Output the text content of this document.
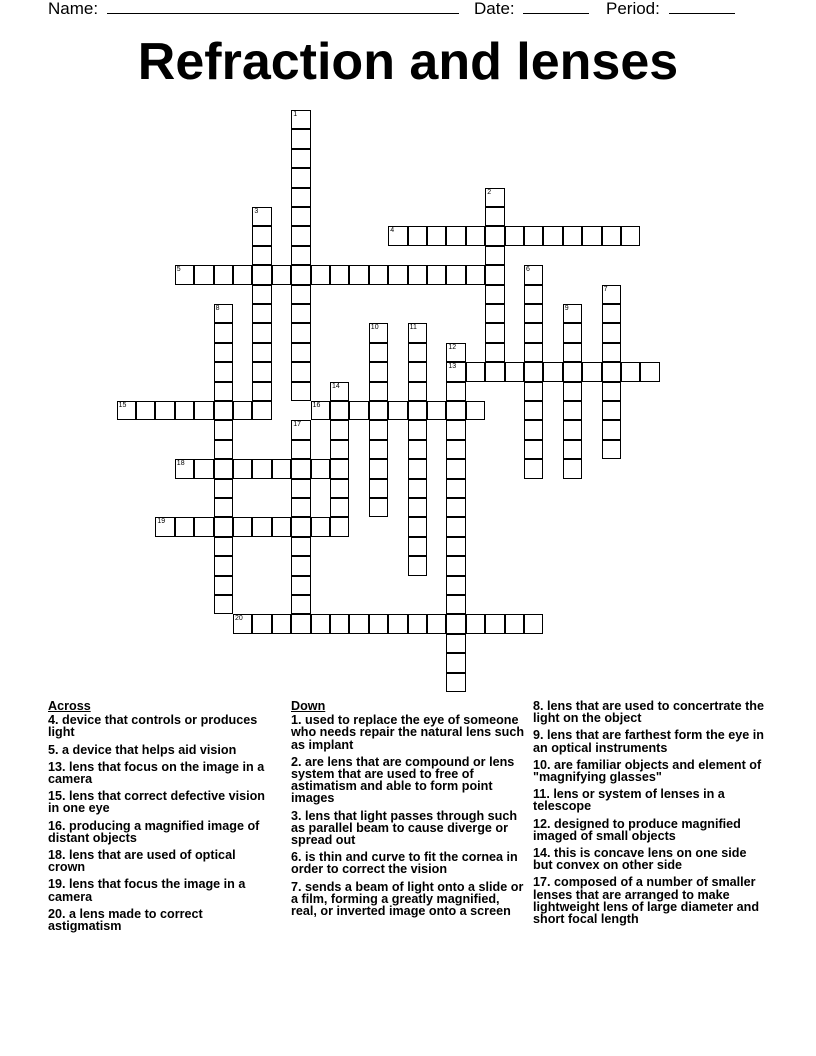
Name:	Date:	Period:
Refraction and lenses
1
2
3
4
5	6
7
8	9
10	11
12
13
14
15	16
17
18
19
20
Across
4. device that controls or produces light
5. a device that helps aid vision
13. lens that focus on the image in a camera
15. lens that correct defective vision in one eye
16. producing a magnified image of distant objects
18. lens that are used of optical crown
19. lens that focus the image in a camera
20. a lens made to correct astigmatism
Down
1. used to replace the eye of someone who needs repair the natural lens such as implant
2. are lens that are compound or lens system that are used to free of astimatism and able to form point images
3. lens that light passes through such as parallel beam to cause diverge or spread out
6. is thin and curve to fit the cornea in order to correct the vision
7. sends a beam of light onto a slide or a film, forming a greatly magnified, real, or inverted image onto a screen
8. lens that are used to concertrate the light on the object
9. lens that are farthest form the eye in an optical instruments
10. are familiar objects and element of "magnifying glasses"
11. lens or system of lenses in a telescope
12. designed to produce magnified imaged of small objects
14. this is concave lens on one side but convex on other side
17. composed of a number of smaller lenses that are arranged to make lightweight lens of large diameter and short focal length
